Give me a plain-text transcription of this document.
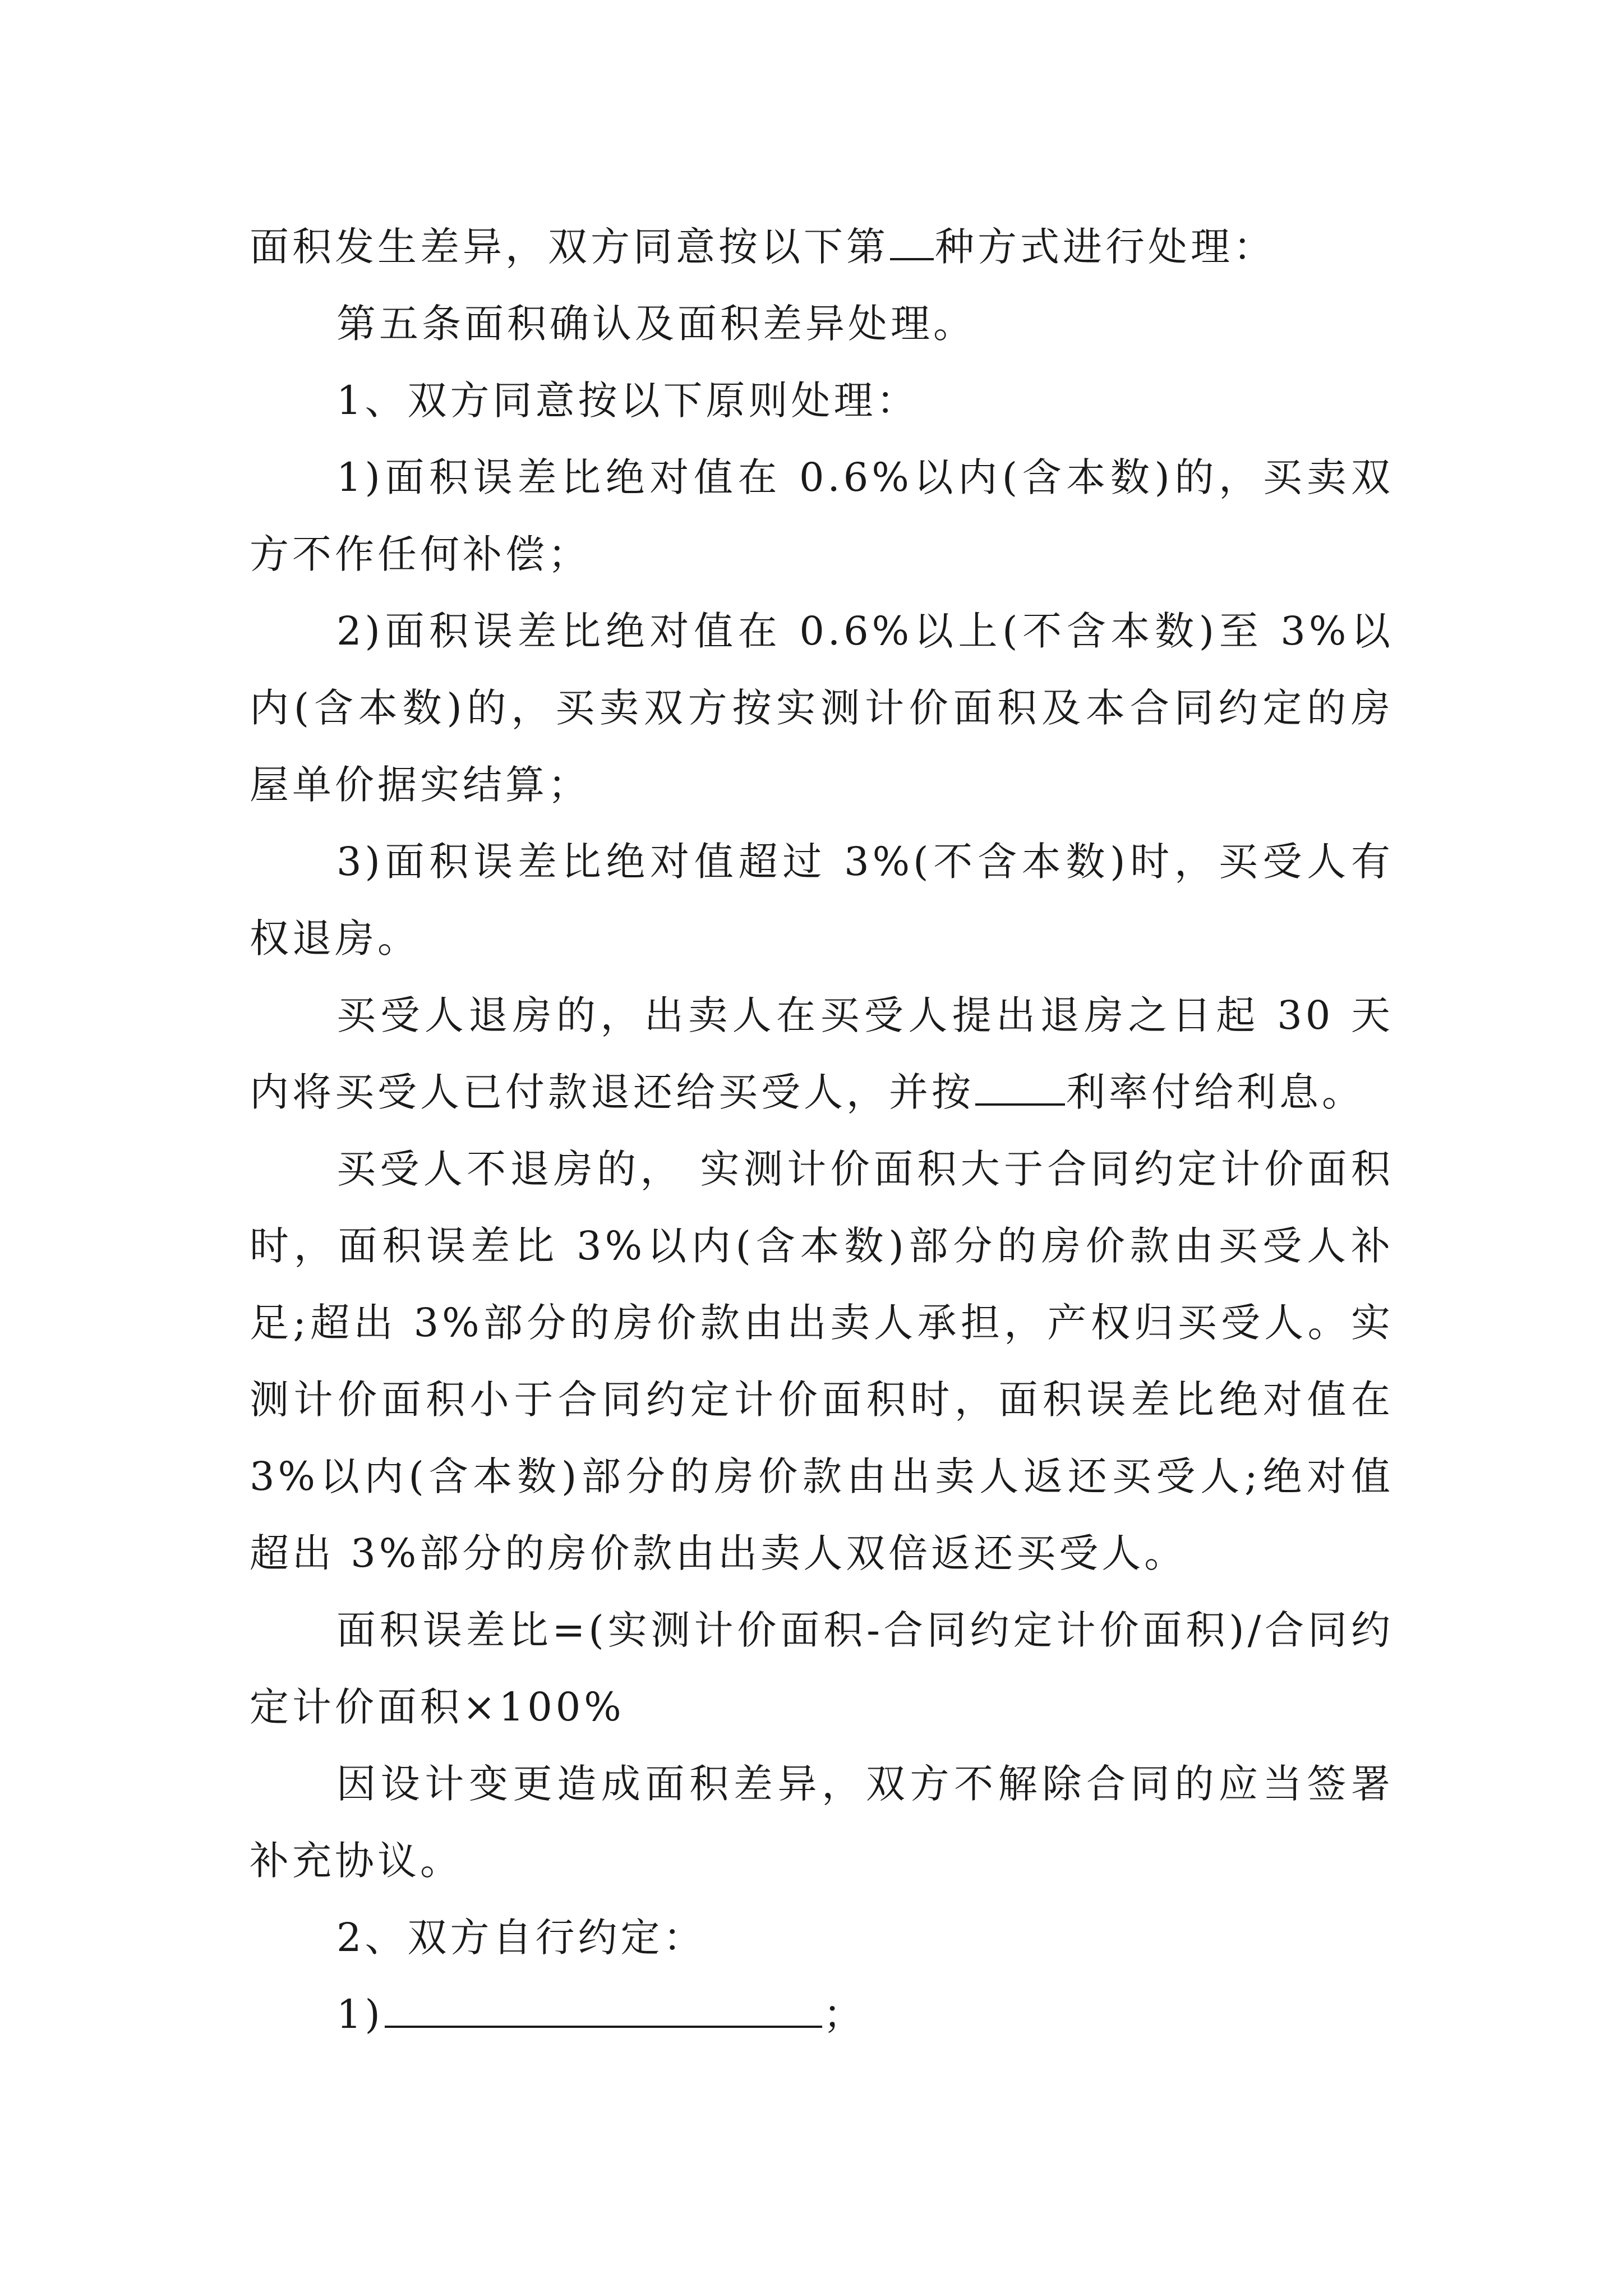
面积发生差异，双方同意按以下第 种方式进行处理：

第五条面积确认及面积差异处理。

1、双方同意按以下原则处理：

1)面积误差比绝对值在 0.6%以内(含本数)的，买卖双方不作任何补偿；

2)面积误差比绝对值在 0.6%以上(不含本数)至 3%以内(含本数)的，买卖双方按实测计价面积及本合同约定的房屋单价据实结算；

3)面积误差比绝对值超过 3%(不含本数)时，买受人有权退房。

买受人退房的，出卖人在买受人提出退房之日起 30 天内将买受人已付款退还给买受人，并按 利率付给利息。

买受人不退房的， 实测计价面积大于合同约定计价面积时，面积误差比 3%以内(含本数)部分的房价款由买受人补足;超出 3%部分的房价款由出卖人承担，产权归买受人。实测计价面积小于合同约定计价面积时，面积误差比绝对值在 3%以内(含本数)部分的房价款由出卖人返还买受人;绝对值超出 3%部分的房价款由出卖人双倍返还买受人。

面积误差比=(实测计价面积-合同约定计价面积)/合同约定计价面积×100%

因设计变更造成面积差异，双方不解除合同的应当签署补充协议。

2、双方自行约定：

1)	；
